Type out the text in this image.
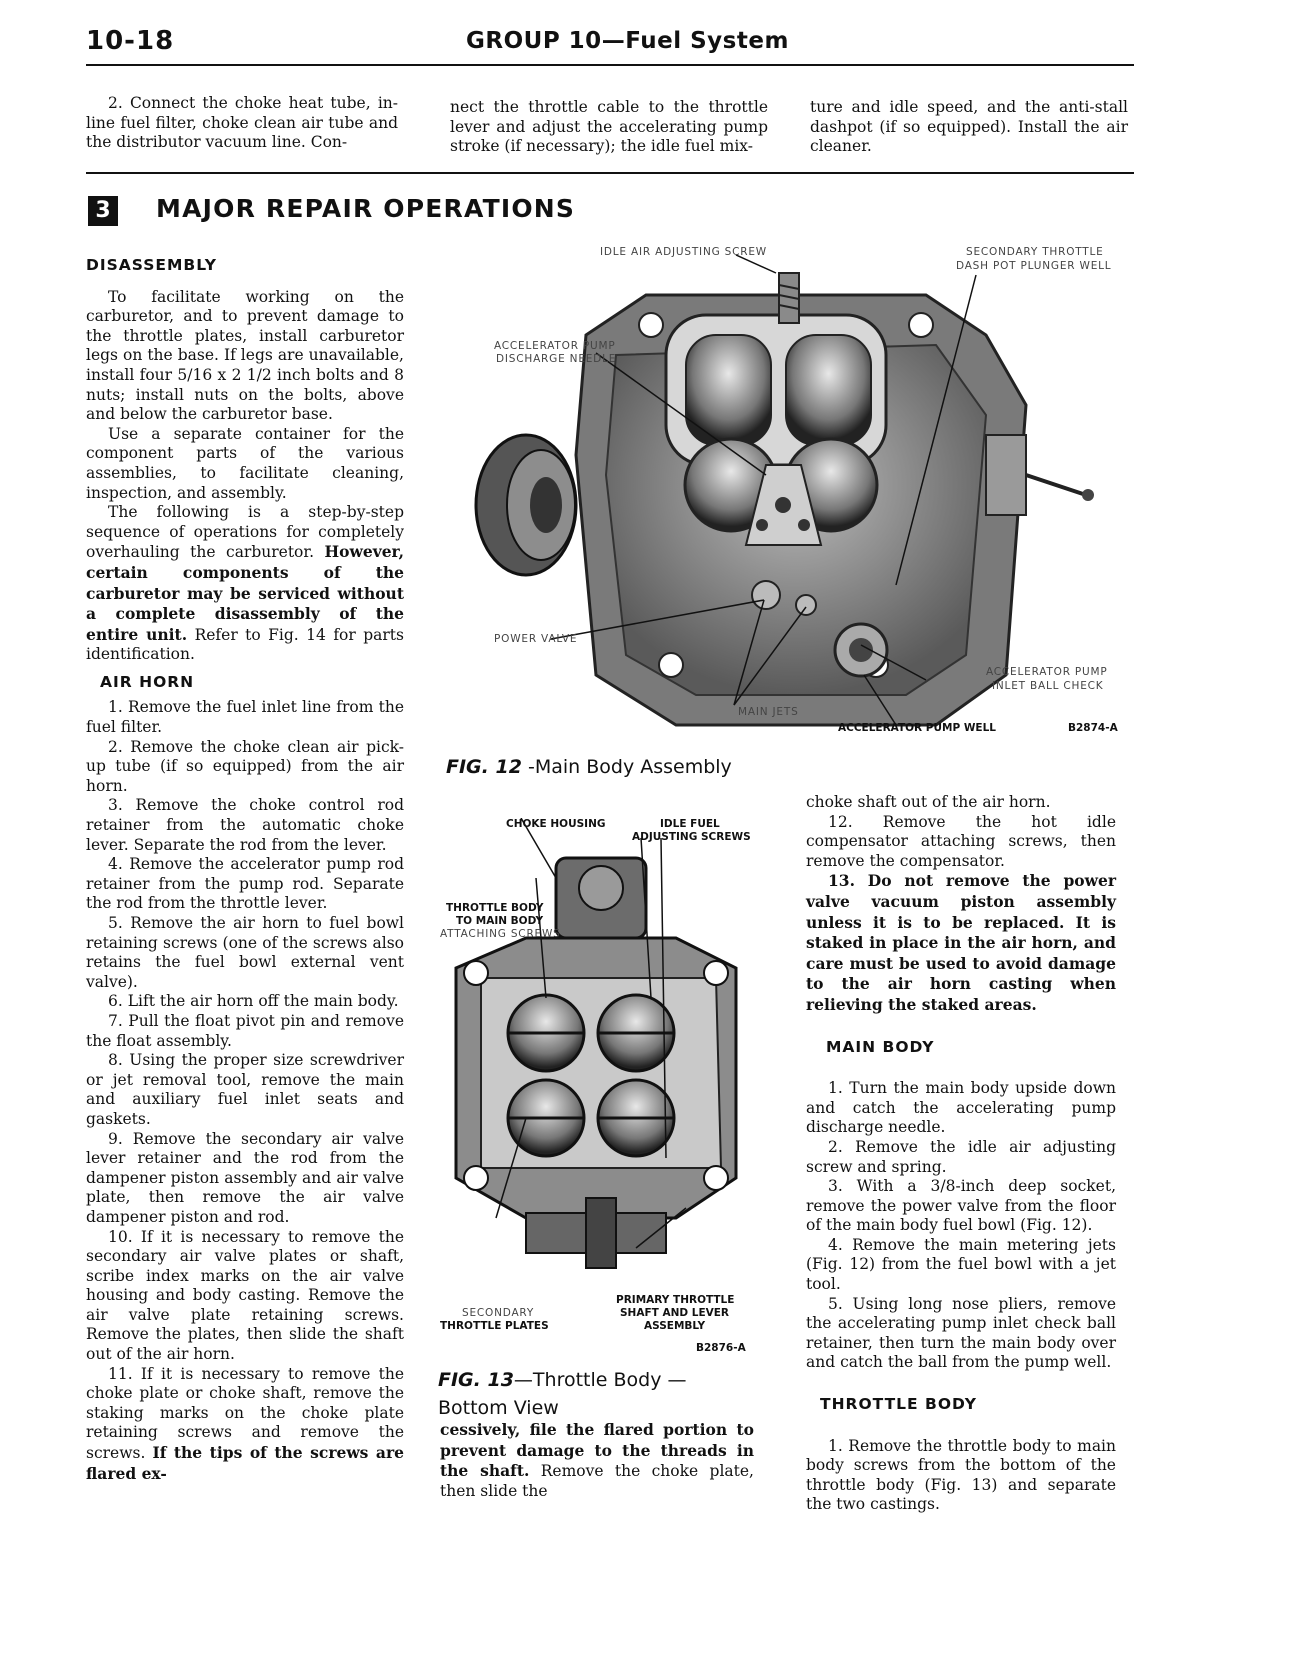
10-18	GROUP 10—Fuel System

2. Connect the choke heat tube, in-line fuel filter, choke clean air tube and the distributor vacuum line. Con-

nect the throttle cable to the throttle lever and adjust the accelerating pump stroke (if necessary); the idle fuel mix-

ture and idle speed, and the anti-stall dashpot (if so equipped). Install the air cleaner.

3 MAJOR REPAIR OPERATIONS
DISASSEMBLY

To facilitate working on the carburetor, and to prevent damage to the throttle plates, install carburetor legs on the base. If legs are unavailable, install four 5/16 x 2 1/2 inch bolts and 8 nuts; install nuts on the bolts, above and below the carburetor base.

Use a separate container for the component parts of the various assemblies, to facilitate cleaning, inspection, and assembly.

The following is a step-by-step sequence of operations for completely overhauling the carburetor. However, certain components of the carburetor may be serviced without a complete disassembly of the entire unit. Refer to Fig. 14 for parts identification.

AIR HORN

1. Remove the fuel inlet line from the fuel filter.

2. Remove the choke clean air pick-up tube (if so equipped) from the air horn.

3. Remove the choke control rod retainer from the automatic choke lever. Separate the rod from the lever.

4. Remove the accelerator pump rod retainer from the pump rod. Separate the rod from the throttle lever.

5. Remove the air horn to fuel bowl retaining screws (one of the screws also retains the fuel bowl external vent valve).

6. Lift the air horn off the main body.

7. Pull the float pivot pin and remove the float assembly.

8. Using the proper size screwdriver or jet removal tool, remove the main and auxiliary fuel inlet seats and gaskets.

9. Remove the secondary air valve lever retainer and the rod from the dampener piston assembly and air valve plate, then remove the air valve dampener piston and rod.

10. If it is necessary to remove the secondary air valve plates or shaft, scribe index marks on the air valve housing and body casting. Remove the air valve plate retaining screws. Remove the plates, then slide the shaft out of the air horn.

11. If it is necessary to remove the choke plate or choke shaft, remove the staking marks on the choke plate retaining screws and remove the screws. If the tips of the screws are flared ex-

IDLE AIR ADJUSTING SCREW	SECONDARY THROTTLE
DASH POT PLUNGER WELL
ACCELERATOR PUMP
DISCHARGE NEEDLE
POWER VALVE
ACCELERATOR PUMP
INLET BALL CHECK
MAIN JETS
ACCELERATOR PUMP WELL	B2874-A
FIG. 12 -Main Body Assembly
CHOKE HOUSING	IDLE FUEL
ADJUSTING SCREWS
THROTTLE BODY
TO MAIN BODY
ATTACHING SCREWS
PRIMARY THROTTLE
SHAFT AND LEVER
ASSEMBLY
SECONDARY
THROTTLE PLATES
B2876-A
FIG. 13—Throttle Body — Bottom View

cessively, file the flared portion to prevent damage to the threads in the shaft. Remove the choke plate, then slide the

choke shaft out of the air horn.

12. Remove the hot idle compensator attaching screws, then remove the compensator.

13. Do not remove the power valve vacuum piston assembly unless it is to be replaced. It is staked in place in the air horn, and care must be used to avoid damage to the air horn casting when relieving the staked areas.

MAIN BODY

1. Turn the main body upside down and catch the accelerating pump discharge needle.

2. Remove the idle air adjusting screw and spring.

3. With a 3/8-inch deep socket, remove the power valve from the floor of the main body fuel bowl (Fig. 12).

4. Remove the main metering jets (Fig. 12) from the fuel bowl with a jet tool.

5. Using long nose pliers, remove the accelerating pump inlet check ball retainer, then turn the main body over and catch the ball from the pump well.

THROTTLE BODY

1. Remove the throttle body to main body screws from the bottom of the throttle body (Fig. 13) and separate the two castings.
